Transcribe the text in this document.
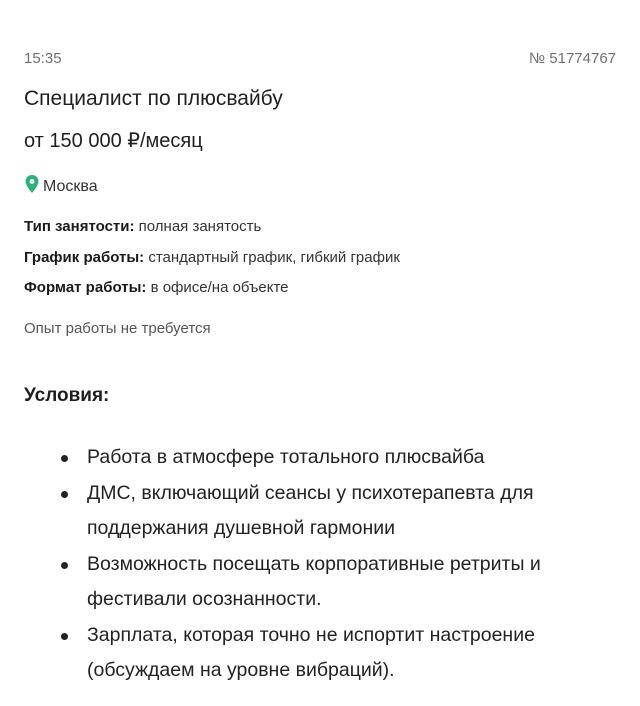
15:35	№ 51774767
Специалист по плюсвайбу
от 150 000 ₽/месяц
Москва
Тип занятости: полная занятость
График работы: стандартный график, гибкий график
Формат работы: в офисе/на объекте
Опыт работы не требуется
Условия:
Работа в атмосфере тотального плюсвайба
ДМС, включающий сеансы у психотерапевта для поддержания душевной гармонии
Возможность посещать корпоративные ретриты и фестивали осознанности.
Зарплата, которая точно не испортит настроение (обсуждаем на уровне вибраций).
